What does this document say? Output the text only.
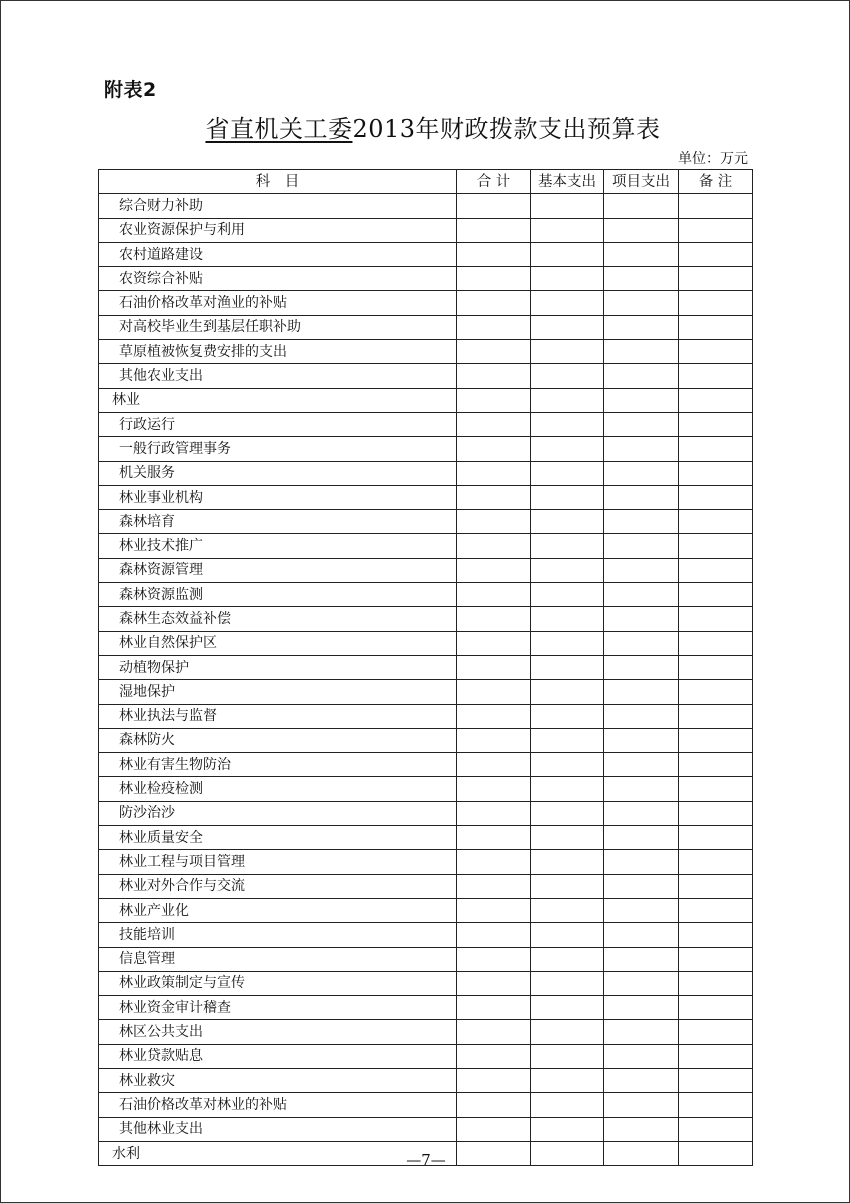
附表2
省直机关工委2013年财政拨款支出预算表
单位：万元
科　目	合 计	基本支出	项目支出	备 注
综合财力补助				
农业资源保护与利用				
农村道路建设				
农资综合补贴				
石油价格改革对渔业的补贴				
对高校毕业生到基层任职补助				
草原植被恢复费安排的支出				
其他农业支出				
林业				
行政运行				
一般行政管理事务				
机关服务				
林业事业机构				
森林培育				
林业技术推广				
森林资源管理				
森林资源监测				
森林生态效益补偿				
林业自然保护区				
动植物保护				
湿地保护				
林业执法与监督				
森林防火				
林业有害生物防治				
林业检疫检测				
防沙治沙				
林业质量安全				
林业工程与项目管理				
林业对外合作与交流				
林业产业化				
技能培训				
信息管理				
林业政策制定与宣传				
林业资金审计稽查				
林区公共支出				
林业贷款贴息				
林业救灾				
石油价格改革对林业的补贴				
其他林业支出				
水利					—7—
